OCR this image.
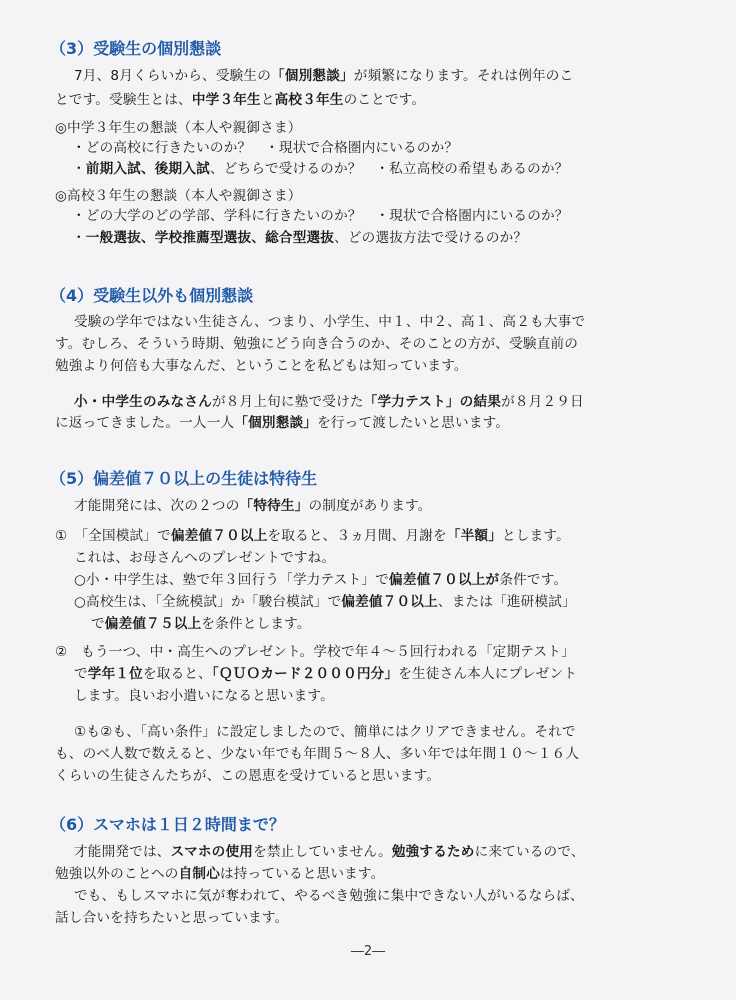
（3）受験生の個別懇談
7月、8月くらいから、受験生の「個別懇談」が頻繁になります。それは例年のこ
とです。受験生とは、中学３年生と高校３年生のことです。
◎中学３年生の懇談（本人や親御さま）
・どの高校に行きたいのか？　・現状で合格圏内にいるのか？
・前期入試、後期入試、どちらで受けるのか？　・私立高校の希望もあるのか？
◎高校３年生の懇談（本人や親御さま）
・どの大学のどの学部、学科に行きたいのか？　・現状で合格圏内にいるのか？
・一般選抜、学校推薦型選抜、総合型選抜、どの選抜方法で受けるのか？
（4）受験生以外も個別懇談
受験の学年ではない生徒さん、つまり、小学生、中１、中２、高１、高２も大事で
す。むしろ、そういう時期、勉強にどう向き合うのか、そのことの方が、受験直前の
勉強より何倍も大事なんだ、ということを私どもは知っています。
小・中学生のみなさんが８月上旬に塾で受けた「学力テスト」の結果が８月２９日
に返ってきました。一人一人「個別懇談」を行って渡したいと思います。
（5）偏差値７０以上の生徒は特待生
才能開発には、次の２つの「特待生」の制度があります。
①　「全国模試」で偏差値７０以上を取ると、３ヵ月間、月謝を「半額」とします。
これは、お母さんへのプレゼントですね。
○小・中学生は、塾で年３回行う「学力テスト」で偏差値７０以上が条件です。
○高校生は、「全統模試」か「駿台模試」で偏差値７０以上、または「進研模試」
で偏差値７５以上を条件とします。
②　もう一つ、中・高生へのプレゼント。学校で年４～５回行われる「定期テスト」
で学年１位を取ると、「ＱＵＯカード２０００円分」を生徒さん本人にプレゼント
します。良いお小遣いになると思います。
①も②も、「高い条件」に設定しましたので、簡単にはクリアできません。それで
も、のべ人数で数えると、少ない年でも年間５～８人、多い年では年間１０～１６人
くらいの生徒さんたちが、この恩恵を受けていると思います。
（6）スマホは１日２時間まで？
才能開発では、スマホの使用を禁止していません。勉強するために来ているので、
勉強以外のことへの自制心は持っていると思います。
でも、もしスマホに気が奪われて、やるべき勉強に集中できない人がいるならば、
話し合いを持ちたいと思っています。
―2―
